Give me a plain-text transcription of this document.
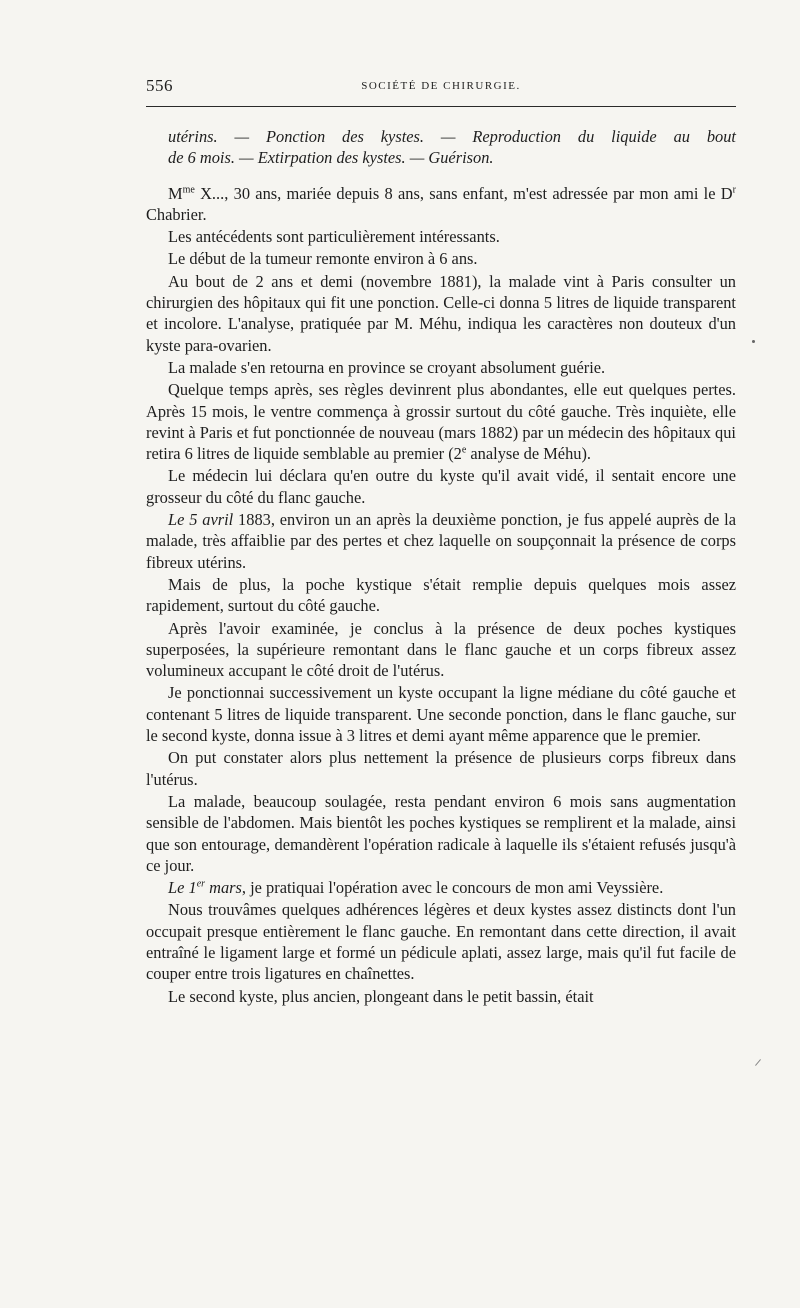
556	SOCIÉTÉ DE CHIRURGIE.

utérins. — Ponction des kystes. — Reproduction du liquide au bout
de 6 mois. — Extirpation des kystes. — Guérison.

$M^{me}$ X..., 30 ans, mariée depuis 8 ans, sans enfant, m'est adressée par mon ami le $D^r$ Chabrier.

Les antécédents sont particulièrement intéressants.

Le début de la tumeur remonte environ à 6 ans.

Au bout de 2 ans et demi (novembre 1881), la malade vint à Paris consulter un chirurgien des hôpitaux qui fit une ponction. Celle-ci donna 5 litres de liquide transparent et incolore. L'analyse, pratiquée par M. Méhu, indiqua les caractères non douteux d'un kyste para-ovarien.

La malade s'en retourna en province se croyant absolument guérie.

Quelque temps après, ses règles devinrent plus abondantes, elle eut quelques pertes. Après 15 mois, le ventre commença à grossir surtout du côté gauche. Très inquiète, elle revint à Paris et fut ponctionnée de nouveau (mars 1882) par un médecin des hôpitaux qui retira 6 litres de liquide semblable au premier (2e analyse de Méhu).

Le médecin lui déclara qu'en outre du kyste qu'il avait vidé, il sentait encore une grosseur du côté du flanc gauche.

Le 5 avril 1883, environ un an après la deuxième ponction, je fus appelé auprès de la malade, très affaiblie par des pertes et chez laquelle on soupçonnait la présence de corps fibreux utérins.

Mais de plus, la poche kystique s'était remplie depuis quelques mois assez rapidement, surtout du côté gauche.

Après l'avoir examinée, je conclus à la présence de deux poches kystiques superposées, la supérieure remontant dans le flanc gauche et un corps fibreux assez volumineux accupant le côté droit de l'utérus.

Je ponctionnai successivement un kyste occupant la ligne médiane du côté gauche et contenant 5 litres de liquide transparent. Une seconde ponction, dans le flanc gauche, sur le second kyste, donna issue à 3 litres et demi ayant même apparence que le premier.

On put constater alors plus nettement la présence de plusieurs corps fibreux dans l'utérus.

La malade, beaucoup soulagée, resta pendant environ 6 mois sans augmentation sensible de l'abdomen. Mais bientôt les poches kystiques se remplirent et la malade, ainsi que son entourage, demandèrent l'opération radicale à laquelle ils s'étaient refusés jusqu'à ce jour.

Le 1er mars, je pratiquai l'opération avec le concours de mon ami Veyssière.

Nous trouvâmes quelques adhérences légères et deux kystes assez distincts dont l'un occupait presque entièrement le flanc gauche. En remontant dans cette direction, il avait entraîné le ligament large et formé un pédicule aplati, assez large, mais qu'il fut facile de couper entre trois ligatures en chaînettes.

Le second kyste, plus ancien, plongeant dans le petit bassin, était
